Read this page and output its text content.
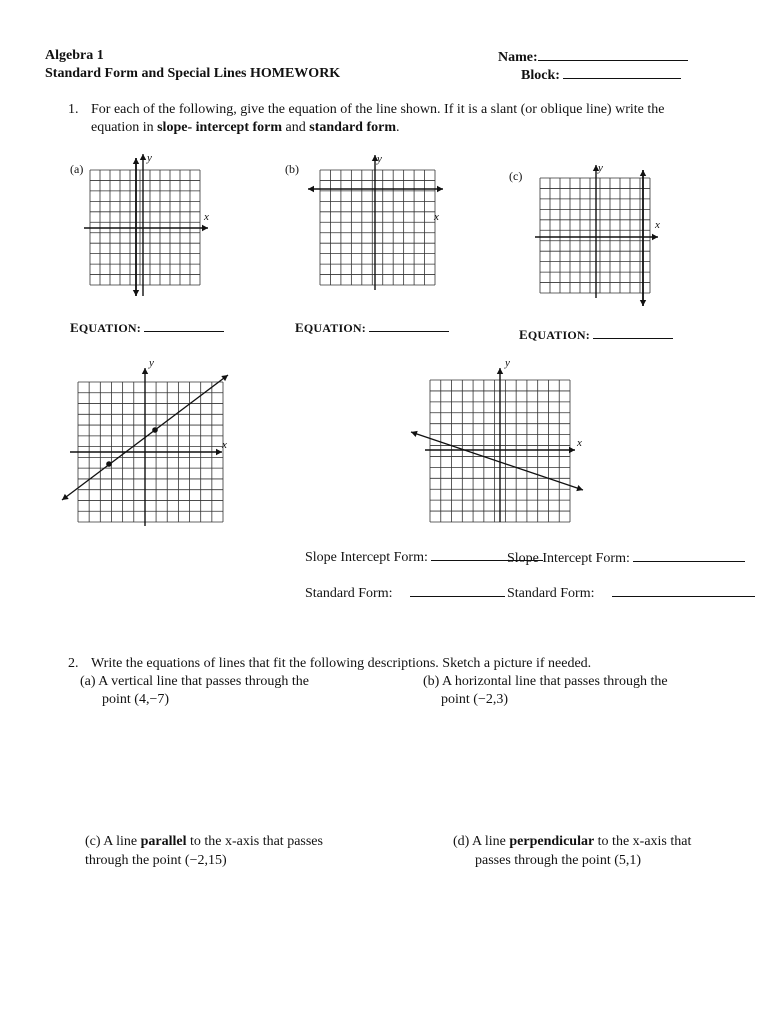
Algebra 1
Standard Form and Special Lines HOMEWORK
Name:
Block:
1. For each of the following, give the equation of the line shown. If it is a slant (or oblique line) write the
equation in slope- intercept form and standard form.
(a)	(b)	(c)
x
y
x
y
x
y
x
y
x
y
EQUATION:	EQUATION:	EQUATION:
Slope Intercept Form:	Slope Intercept Form:
Standard Form:	Standard Form:
2. Write the equations of lines that fit the following descriptions. Sketch a picture if needed.
(a) A vertical line that passes through the
point (4,−7)
(b) A horizontal line that passes through the
point (−2,3)
(c) A line parallel to the x-axis that passes
through the point (−2,15)
(d) A line perpendicular to the x-axis that
passes through the point (5,1)
